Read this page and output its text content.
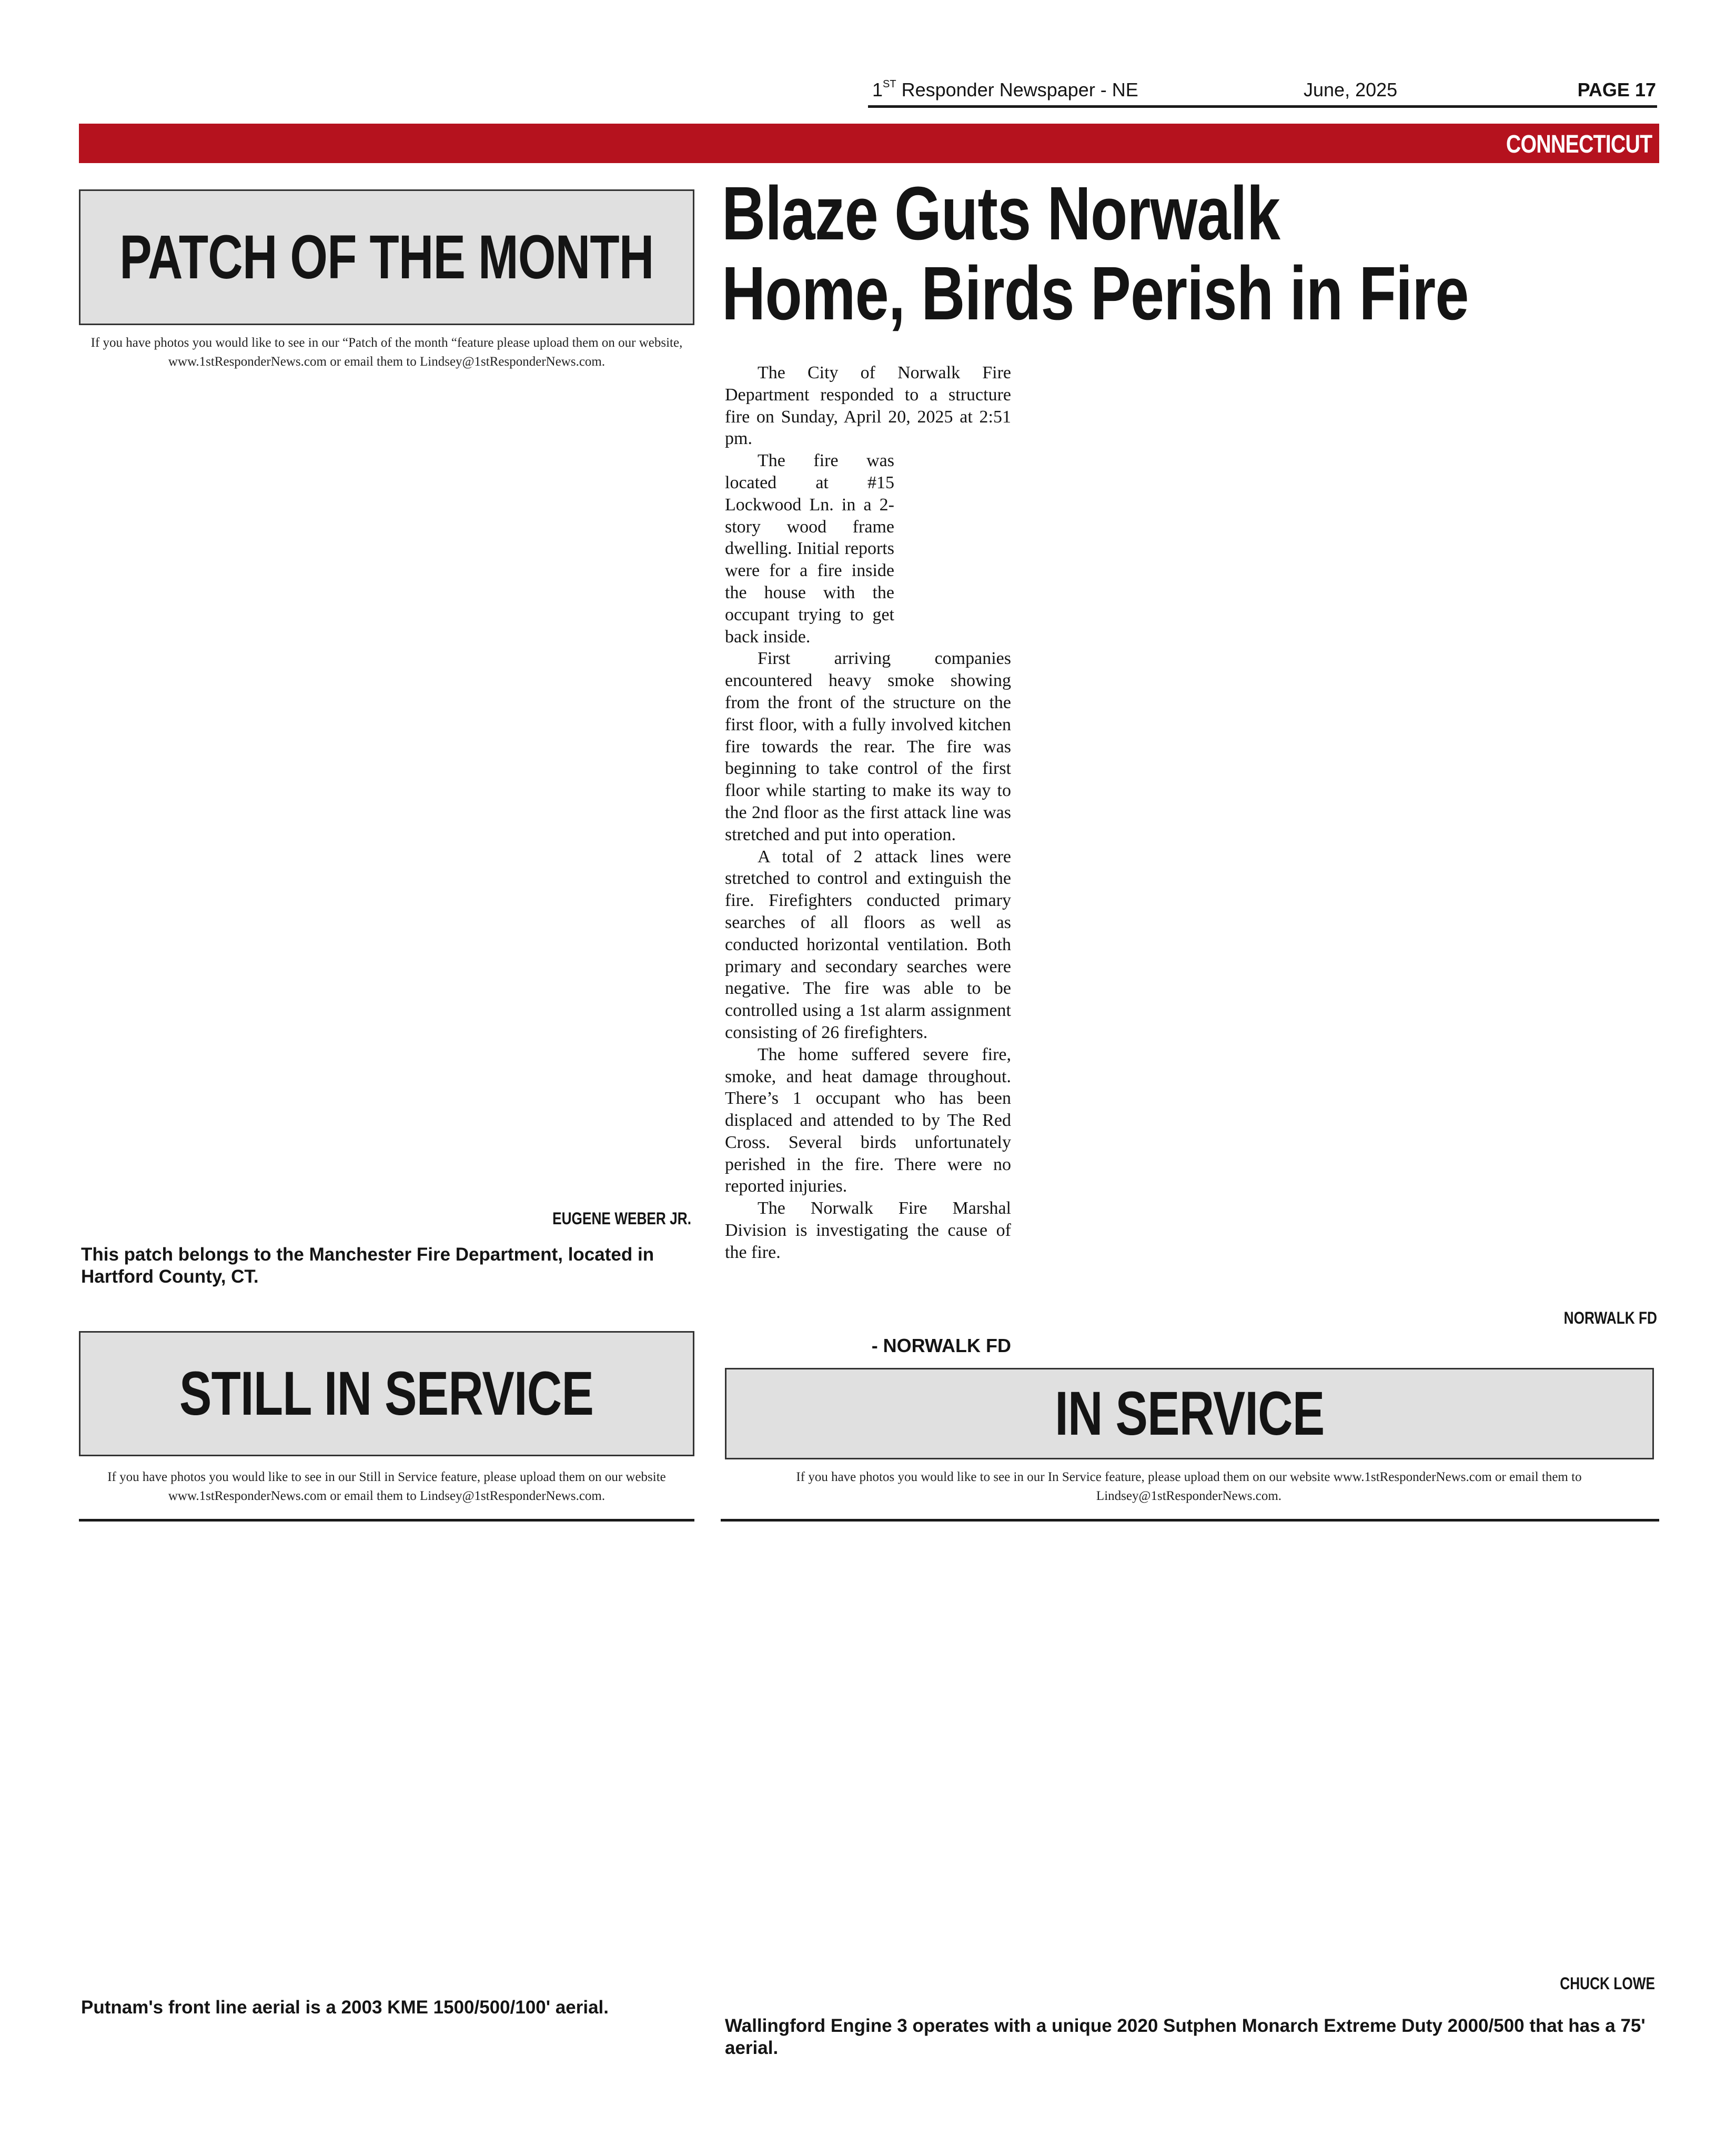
1ST Responder Newspaper - NE	June, 2025	PAGE 17
CONNECTICUT
PATCH OF THE MONTH
If you have photos you would like to see in our “Patch of the month “feature please upload them on our website, www.1stResponderNews.com or email them to Lindsey@1stResponderNews.com.
EUGENE WEBER JR.
This patch belongs to the Manchester Fire Department, located in Hartford County, CT.
Blaze Guts Norwalk Home, Birds Perish in Fire

The City of Norwalk Fire Department responded to a structure fire on Sunday, April 20, 2025 at 2:51 pm.

The fire was located at #15 Lockwood Ln. in a 2-story wood frame dwelling. Initial reports were for a fire inside the house with the occupant trying to get back inside.

First arriving companies encountered heavy smoke showing from the front of the structure on the first floor, with a fully involved kitchen fire towards the rear. The fire was beginning to take control of the first floor while starting to make its way to the 2nd floor as the first attack line was stretched and put into operation.

A total of 2 attack lines were stretched to control and extinguish the fire. Firefighters conducted primary searches of all floors as well as conducted horizontal ventilation. Both primary and secondary searches were negative. The fire was able to be controlled using a 1st alarm assignment consisting of 26 firefighters.

The home suffered severe fire, smoke, and heat damage throughout. There’s 1 occupant who has been displaced and attended to by The Red Cross. Several birds unfortunately perished in the fire. There were no reported injuries.

The Norwalk Fire Marshal Division is investigating the cause of the fire.

- NORWALK FD
NORWALK FD
STILL IN SERVICE
If you have photos you would like to see in our Still in Service feature, please upload them on our website www.1stResponderNews.com or email them to Lindsey@1stResponderNews.com.
Putnam's front line aerial is a 2003 KME 1500/500/100' aerial.
IN SERVICE
If you have photos you would like to see in our In Service feature, please upload them on our website www.1stResponderNews.com or email them to Lindsey@1stResponderNews.com.
CHUCK LOWE
Wallingford Engine 3 operates with a unique 2020 Sutphen Monarch Extreme Duty 2000/500 that has a 75' aerial.
